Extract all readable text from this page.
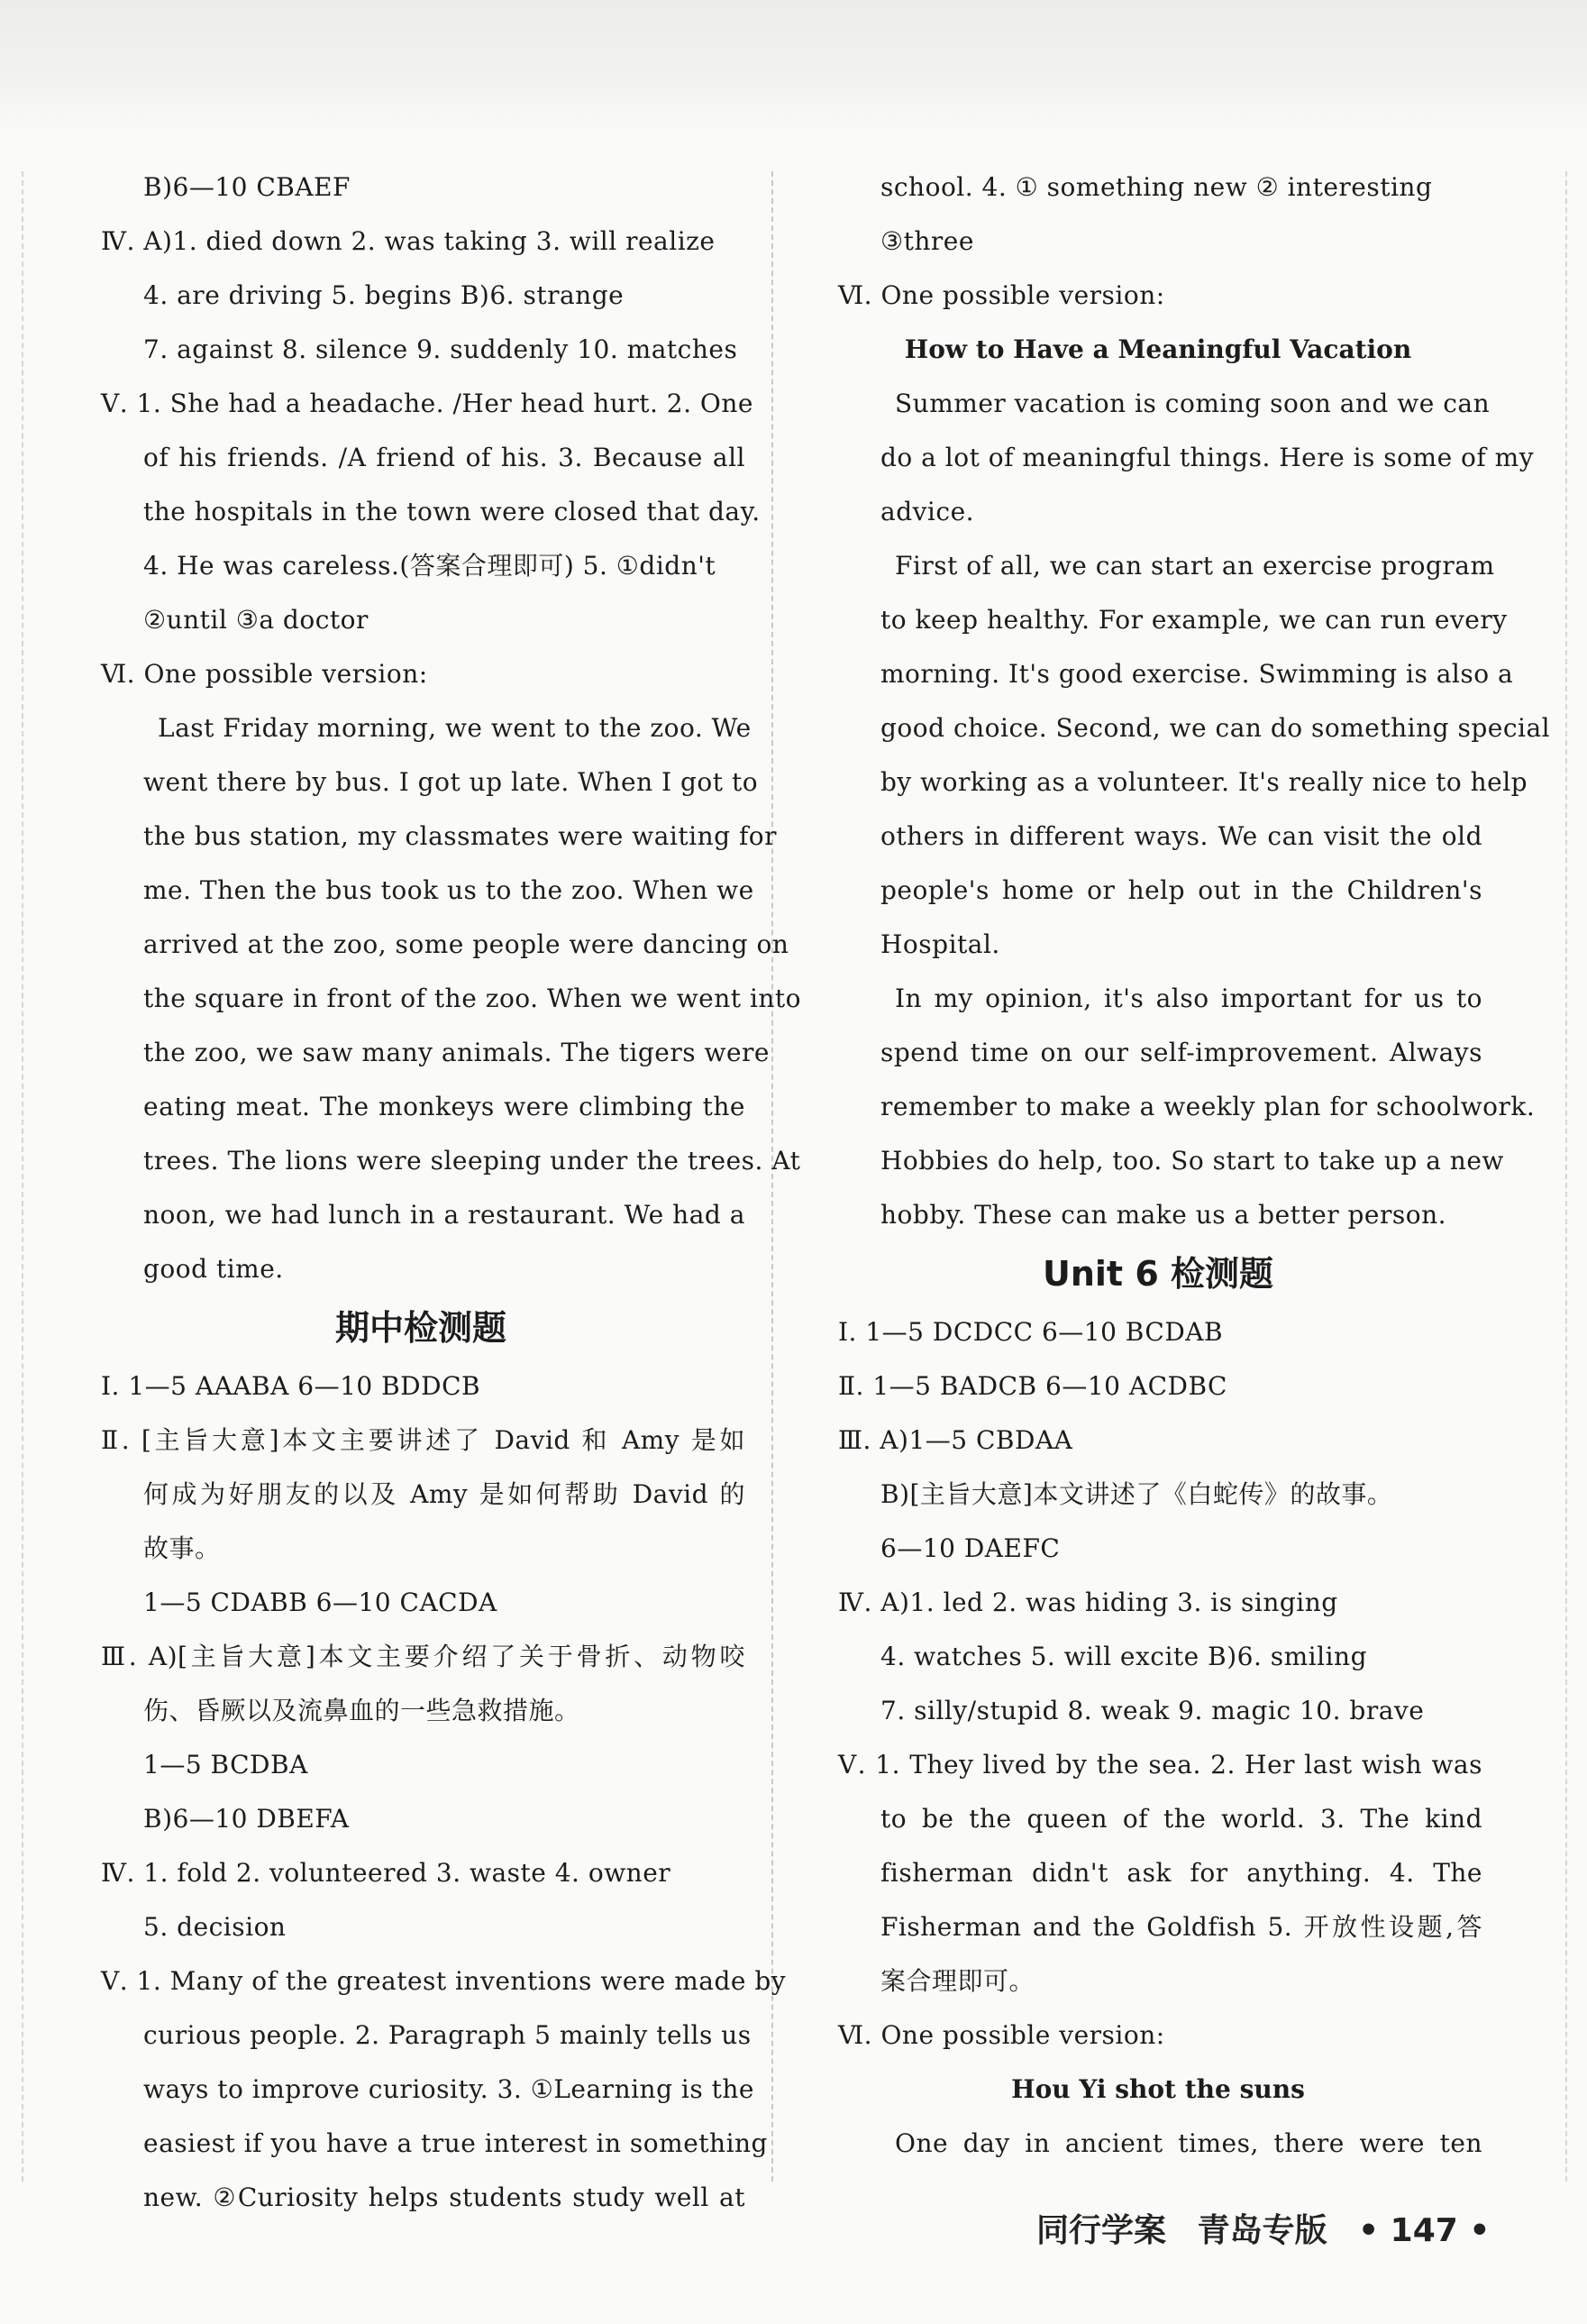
B)6—10 CBAEF
Ⅳ. A)1. died down 2. was taking 3. will realize
4. are driving 5. begins B)6. strange
7. against 8. silence 9. suddenly 10. matches
Ⅴ. 1. She had a headache. /Her head hurt. 2. One
of his friends. /A friend of his. 3. Because all
the hospitals in the town were closed that day.
4. He was careless.(答案合理即可) 5. ①didn't
②until ③a doctor
Ⅵ. One possible version:
Last Friday morning, we went to the zoo. We
went there by bus. I got up late. When I got to
the bus station, my classmates were waiting for
me. Then the bus took us to the zoo. When we
arrived at the zoo, some people were dancing on
the square in front of the zoo. When we went into
the zoo, we saw many animals. The tigers were
eating meat. The monkeys were climbing the
trees. The lions were sleeping under the trees. At
noon, we had lunch in a restaurant. We had a
good time.
期中检测题
Ⅰ. 1—5 AAABA 6—10 BDDCB
Ⅱ. [主旨大意]本文主要讲述了 David 和 Amy 是如
何成为好朋友的以及 Amy 是如何帮助 David 的
故事。
1—5 CDABB 6—10 CACDA
Ⅲ. A)[主旨大意]本文主要介绍了关于骨折、动物咬
伤、昏厥以及流鼻血的一些急救措施。
1—5 BCDBA
B)6—10 DBEFA
Ⅳ. 1. fold 2. volunteered 3. waste 4. owner
5. decision
Ⅴ. 1. Many of the greatest inventions were made by
curious people. 2. Paragraph 5 mainly tells us
ways to improve curiosity. 3. ①Learning is the
easiest if you have a true interest in something
new. ②Curiosity helps students study well at
school. 4. ① something new ② interesting
③three
Ⅵ. One possible version:
How to Have a Meaningful Vacation
Summer vacation is coming soon and we can
do a lot of meaningful things. Here is some of my
advice.
First of all, we can start an exercise program
to keep healthy. For example, we can run every
morning. It's good exercise. Swimming is also a
good choice. Second, we can do something special
by working as a volunteer. It's really nice to help
others in different ways. We can visit the old
people's home or help out in the Children's
Hospital.
In my opinion, it's also important for us to
spend time on our self-improvement. Always
remember to make a weekly plan for schoolwork.
Hobbies do help, too. So start to take up a new
hobby. These can make us a better person.
Unit 6 检测题
Ⅰ. 1—5 DCDCC 6—10 BCDAB
Ⅱ. 1—5 BADCB 6—10 ACDBC
Ⅲ. A)1—5 CBDAA
B)[主旨大意]本文讲述了《白蛇传》的故事。
6—10 DAEFC
Ⅳ. A)1. led 2. was hiding 3. is singing
4. watches 5. will excite B)6. smiling
7. silly/stupid 8. weak 9. magic 10. brave
Ⅴ. 1. They lived by the sea. 2. Her last wish was
to be the queen of the world. 3. The kind
fisherman didn't ask for anything. 4. The
Fisherman and the Goldfish 5. 开放性设题,答
案合理即可。
Ⅵ. One possible version:
Hou Yi shot the suns
One day in ancient times, there were ten
同行学案 青岛专版 • 147 •
